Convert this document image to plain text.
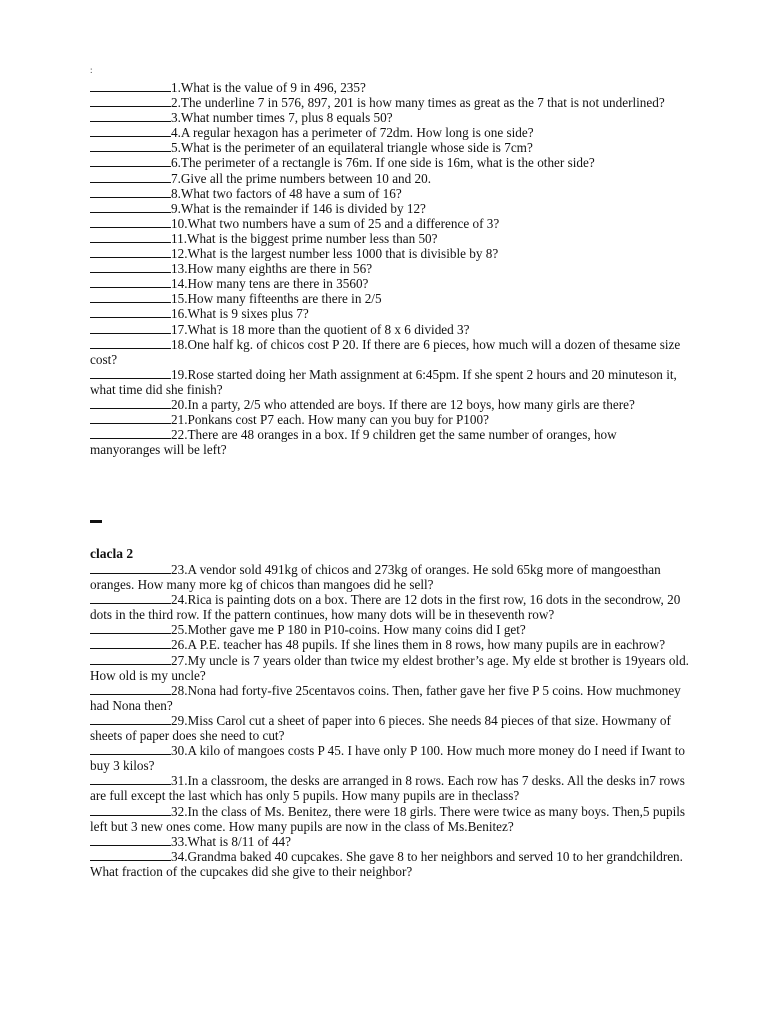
:
1.What is the value of 9 in 496, 235?
2.The underline 7 in 576, 897, 201 is how many times as great as the 7 that is not underlined?
3.What number times 7, plus 8 equals 50?
4.A regular hexagon has a perimeter of 72dm. How long is one side?
5.What is the perimeter of an equilateral triangle whose side is 7cm?
6.The perimeter of a rectangle is 76m. If one side is 16m, what is the other side?
7.Give all the prime numbers between 10 and 20.
8.What two factors of 48 have a sum of 16?
9.What is the remainder if 146 is divided by 12?
10.What two numbers have a sum of 25 and a difference of 3?
11.What is the biggest prime number less than 50?
12.What is the largest number less 1000 that is divisible by 8?
13.How many eighths are there in 56?
14.How many tens are there in 3560?
15.How many fifteenths are there in 2/5
16.What is 9 sixes plus 7?
17.What is 18 more than the quotient of 8 x 6 divided 3?
18.One half kg. of chicos cost P 20. If there are 6 pieces, how much will a dozen of thesame size cost?
19.Rose started doing her Math assignment at 6:45pm. If she spent 2 hours and 20 minuteson it, what time did she finish?
20.In a party, 2/5 who attended are boys. If there are 12 boys, how many girls are there?
21.Ponkans cost P7 each. How many can you buy for P100?
22.There are 48 oranges in a box. If 9 children get the same number of oranges, how manyoranges will be left?
clacla 2
23.A vendor sold 491kg of chicos and 273kg of oranges. He sold 65kg more of mangoesthan oranges. How many more kg of chicos than mangoes did he sell?
24.Rica is painting dots on a box. There are 12 dots in the first row, 16 dots in the secondrow, 20 dots in the third row. If the pattern continues, how many dots will be in theseventh row?
25.Mother gave me P 180 in P10-coins. How many coins did I get?
26.A P.E. teacher has 48 pupils. If she lines them in 8 rows, how many pupils are in eachrow?
27.My uncle is 7 years older than twice my eldest brother’s age. My elde st brother is 19years old. How old is my uncle?
28.Nona had forty-five 25centavos coins. Then, father gave her five P 5 coins. How muchmoney had Nona then?
29.Miss Carol cut a sheet of paper into 6 pieces. She needs 84 pieces of that size. Howmany of sheets of paper does she need to cut?
30.A kilo of mangoes costs P 45. I have only P 100. How much more money do I need if Iwant to buy 3 kilos?
31.In a classroom, the desks are arranged in 8 rows. Each row has 7 desks. All the desks in7 rows are full except the last which has only 5 pupils. How many pupils are in theclass?
32.In the class of Ms. Benitez, there were 18 girls. There were twice as many boys. Then,5 pupils left but 3 new ones come. How many pupils are now in the class of Ms.Benitez?
33.What is 8/11 of 44?
34.Grandma baked 40 cupcakes. She gave 8 to her neighbors and served 10 to her grandchildren. What fraction of the cupcakes did she give to their neighbor?
